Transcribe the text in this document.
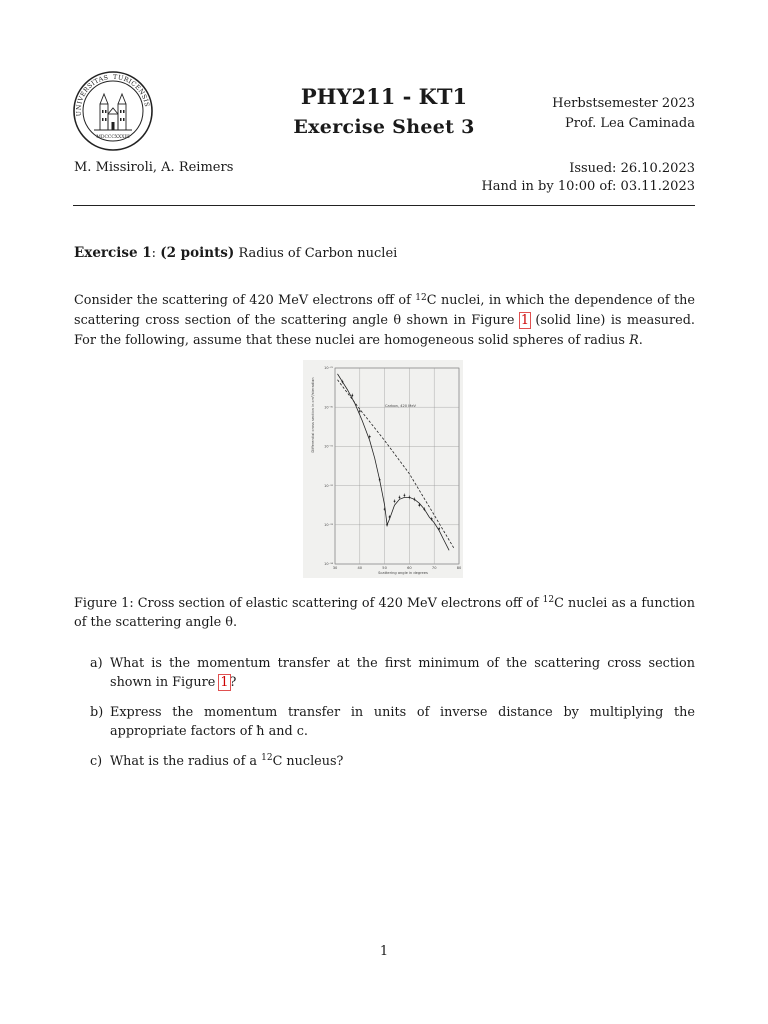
UNIVERSITAS TURICENSIS
MDCCCXXXIII
PHY211 - KT1
Exercise Sheet 3
Herbstsemester 2023
Prof. Lea Caminada
M. Missiroli, A. Reimers	Issued: 26.10.2023
Hand in by 10:00 of: 03.11.2023
Exercise 1: (2 points) Radius of Carbon nuclei
Consider the scattering of 420 MeV electrons off of $^{12}$C nuclei, in which the dependence of the scattering cross section of the scattering angle θ shown in Figure 1 (solid line) is measured. For the following, assume that these nuclei are homogeneous solid spheres of radius R.
10⁻²⁹
10⁻³⁰
10⁻³¹
10⁻³²
10⁻³³
10⁻³⁴
30	40	50	60	70	80
Carbon, 420 MeV
Scattering angle in degrees
Differential cross section in cm²/steradian
Figure 1: Cross section of elastic scattering of 420 MeV electrons off of $^{12}$C nuclei as a function of the scattering angle θ.
a) What is the momentum transfer at the first minimum of the scattering cross section shown in Figure 1?
b) Express the momentum transfer in units of inverse distance by multiplying the appropriate factors of ħ and c.
c) What is the radius of a $^{12}$C nucleus?
1
